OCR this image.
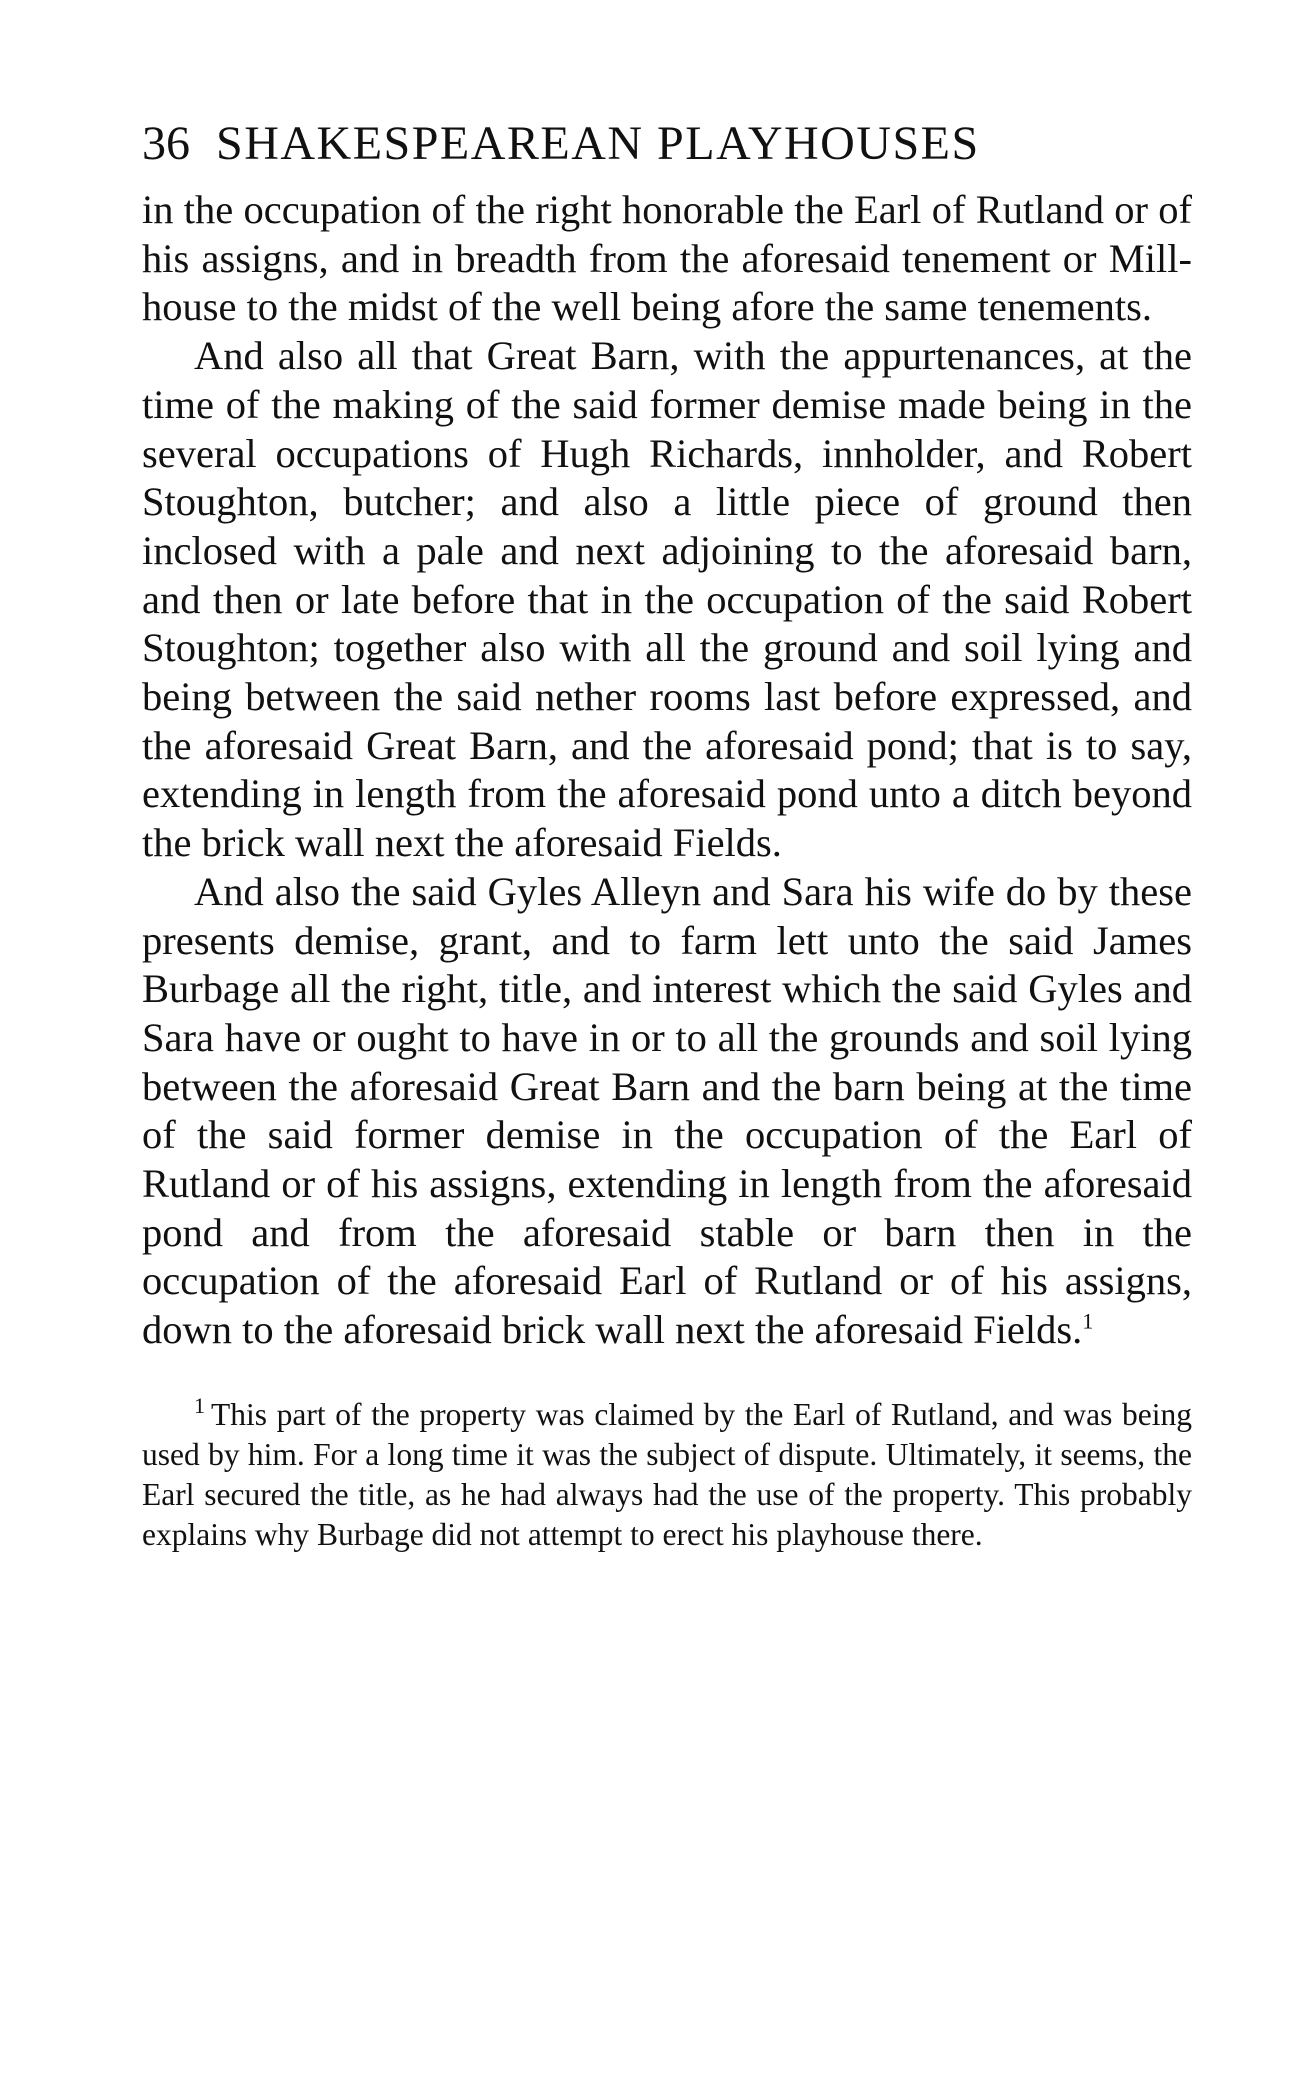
36 SHAKESPEAREAN PLAYHOUSES

in the occupation of the right honorable the Earl of Rutland or of his assigns, and in breadth from the aforesaid tenement or Mill-house to the midst of the well being afore the same tenements.

And also all that Great Barn, with the appurtenances, at the time of the making of the said former demise made being in the several occupations of Hugh Richards, innholder, and Robert Stoughton, butcher; and also a little piece of ground then inclosed with a pale and next adjoining to the aforesaid barn, and then or late before that in the occupation of the said Robert Stoughton; together also with all the ground and soil lying and being between the said nether rooms last before expressed, and the aforesaid Great Barn, and the aforesaid pond; that is to say, extending in length from the aforesaid pond unto a ditch beyond the brick wall next the aforesaid Fields.

And also the said Gyles Alleyn and Sara his wife do by these presents demise, grant, and to farm lett unto the said James Burbage all the right, title, and interest which the said Gyles and Sara have or ought to have in or to all the grounds and soil lying between the aforesaid Great Barn and the barn being at the time of the said former demise in the occupation of the Earl of Rutland or of his assigns, extending in length from the aforesaid pond and from the aforesaid stable or barn then in the occupation of the aforesaid Earl of Rutland or of his assigns, down to the aforesaid brick wall next the aforesaid Fields.$^1$

$^1$ This part of the property was claimed by the Earl of Rutland, and was being used by him. For a long time it was the subject of dispute. Ultimately, it seems, the Earl secured the title, as he had always had the use of the property. This probably explains why Burbage did not attempt to erect his playhouse there.
